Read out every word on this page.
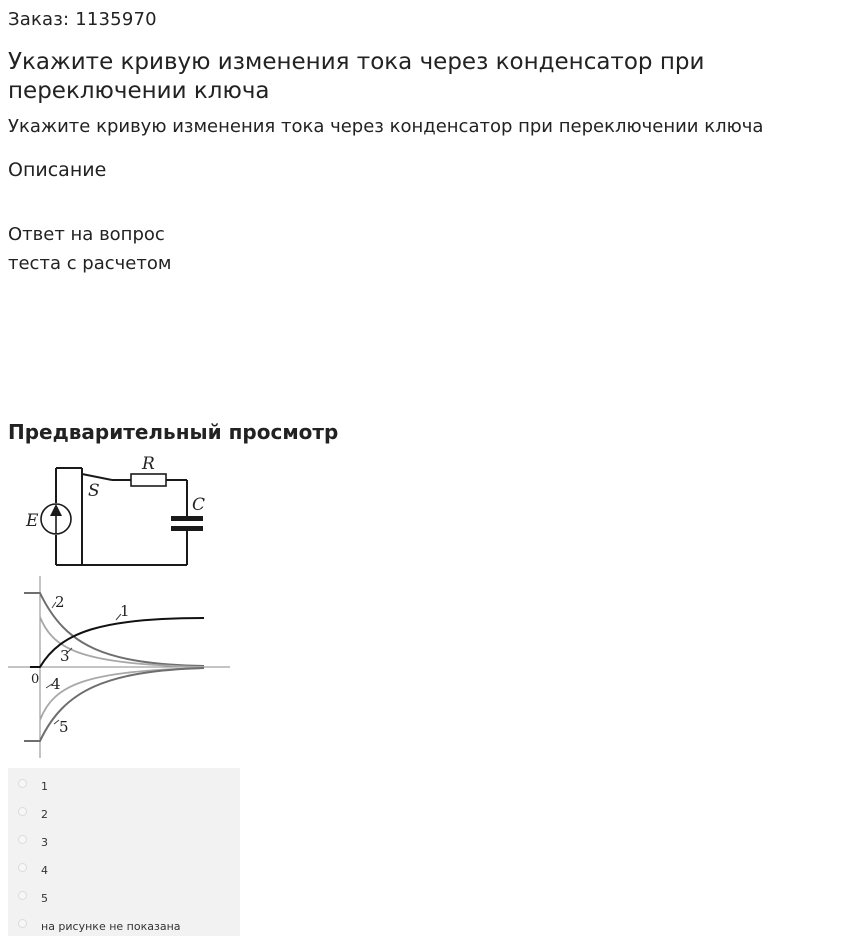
Заказ: 1135970
Укажите кривую изменения тока через конденсатор при переключении ключа
Укажите кривую изменения тока через конденсатор при переключении ключа
Описание
Ответ на вопрос
теста с расчетом
Предварительный просмотр
E
S
R
C
2	1
3
0 4
5
1
2
3
4
5
на рисунке не показана
